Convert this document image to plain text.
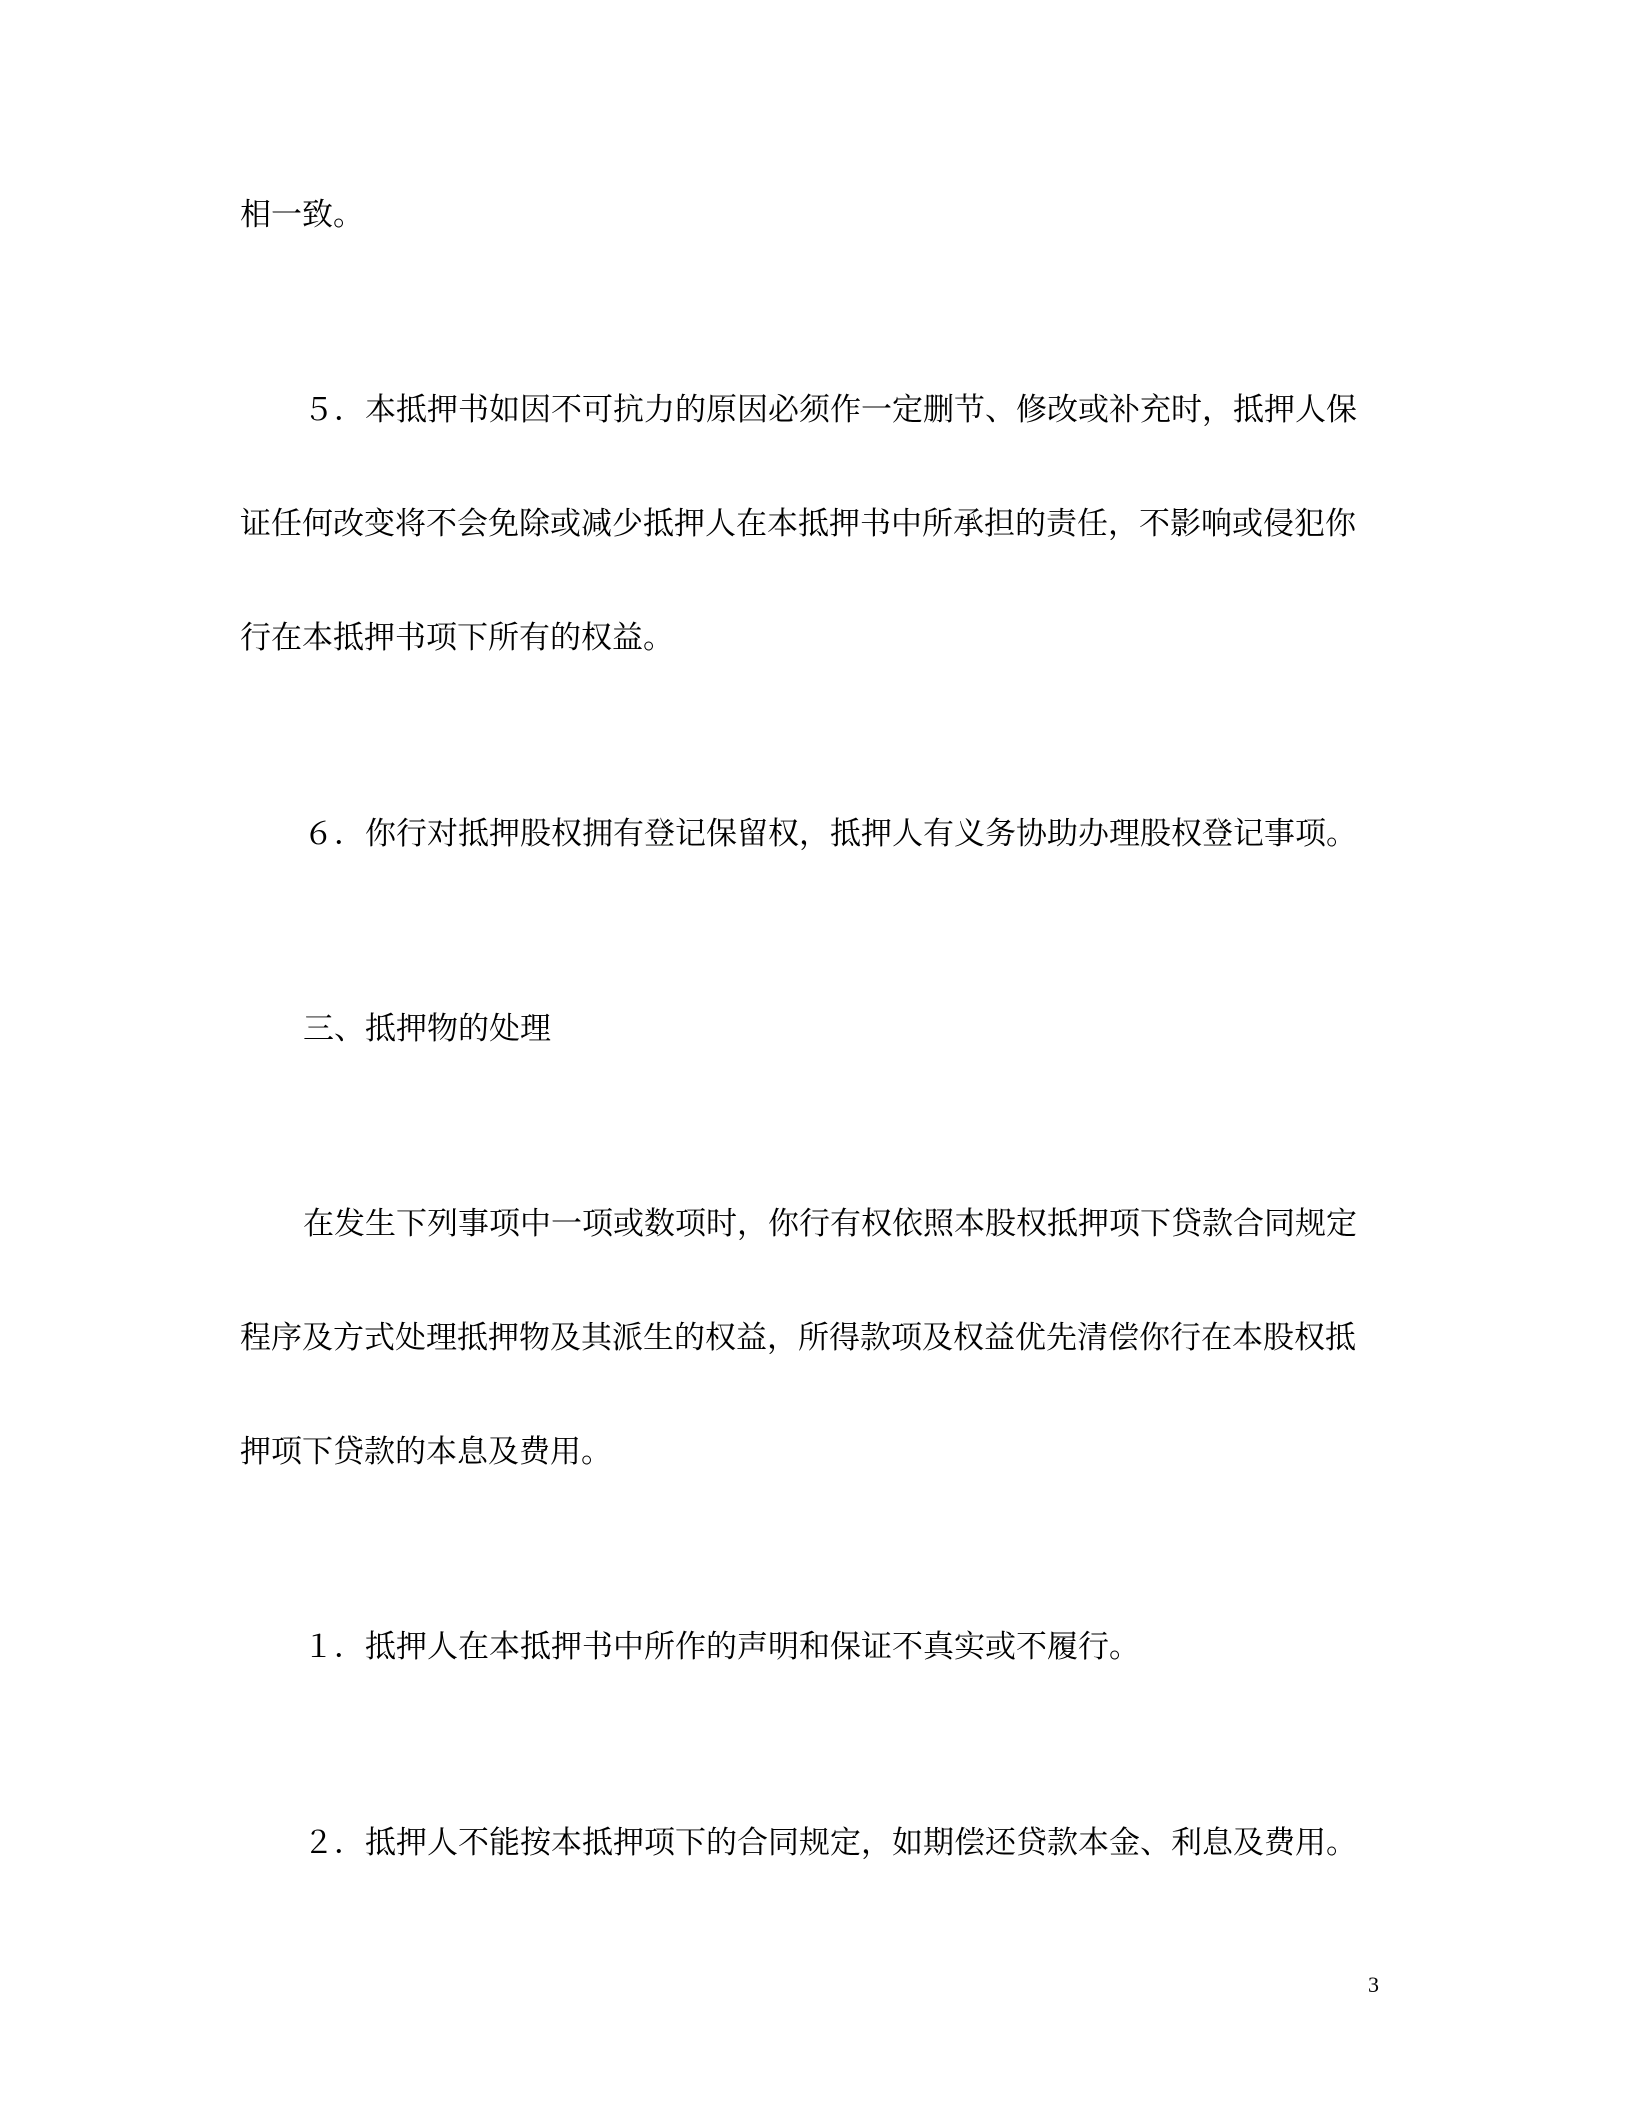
相一致。
５．本抵押书如因不可抗力的原因必须作一定删节、修改或补充时，抵押人保
证任何改变将不会免除或减少抵押人在本抵押书中所承担的责任，不影响或侵犯你
行在本抵押书项下所有的权益。
６．你行对抵押股权拥有登记保留权，抵押人有义务协助办理股权登记事项。
三、抵押物的处理
在发生下列事项中一项或数项时，你行有权依照本股权抵押项下贷款合同规定
程序及方式处理抵押物及其派生的权益，所得款项及权益优先清偿你行在本股权抵
押项下贷款的本息及费用。
１．抵押人在本抵押书中所作的声明和保证不真实或不履行。
２．抵押人不能按本抵押项下的合同规定，如期偿还贷款本金、利息及费用。
3
